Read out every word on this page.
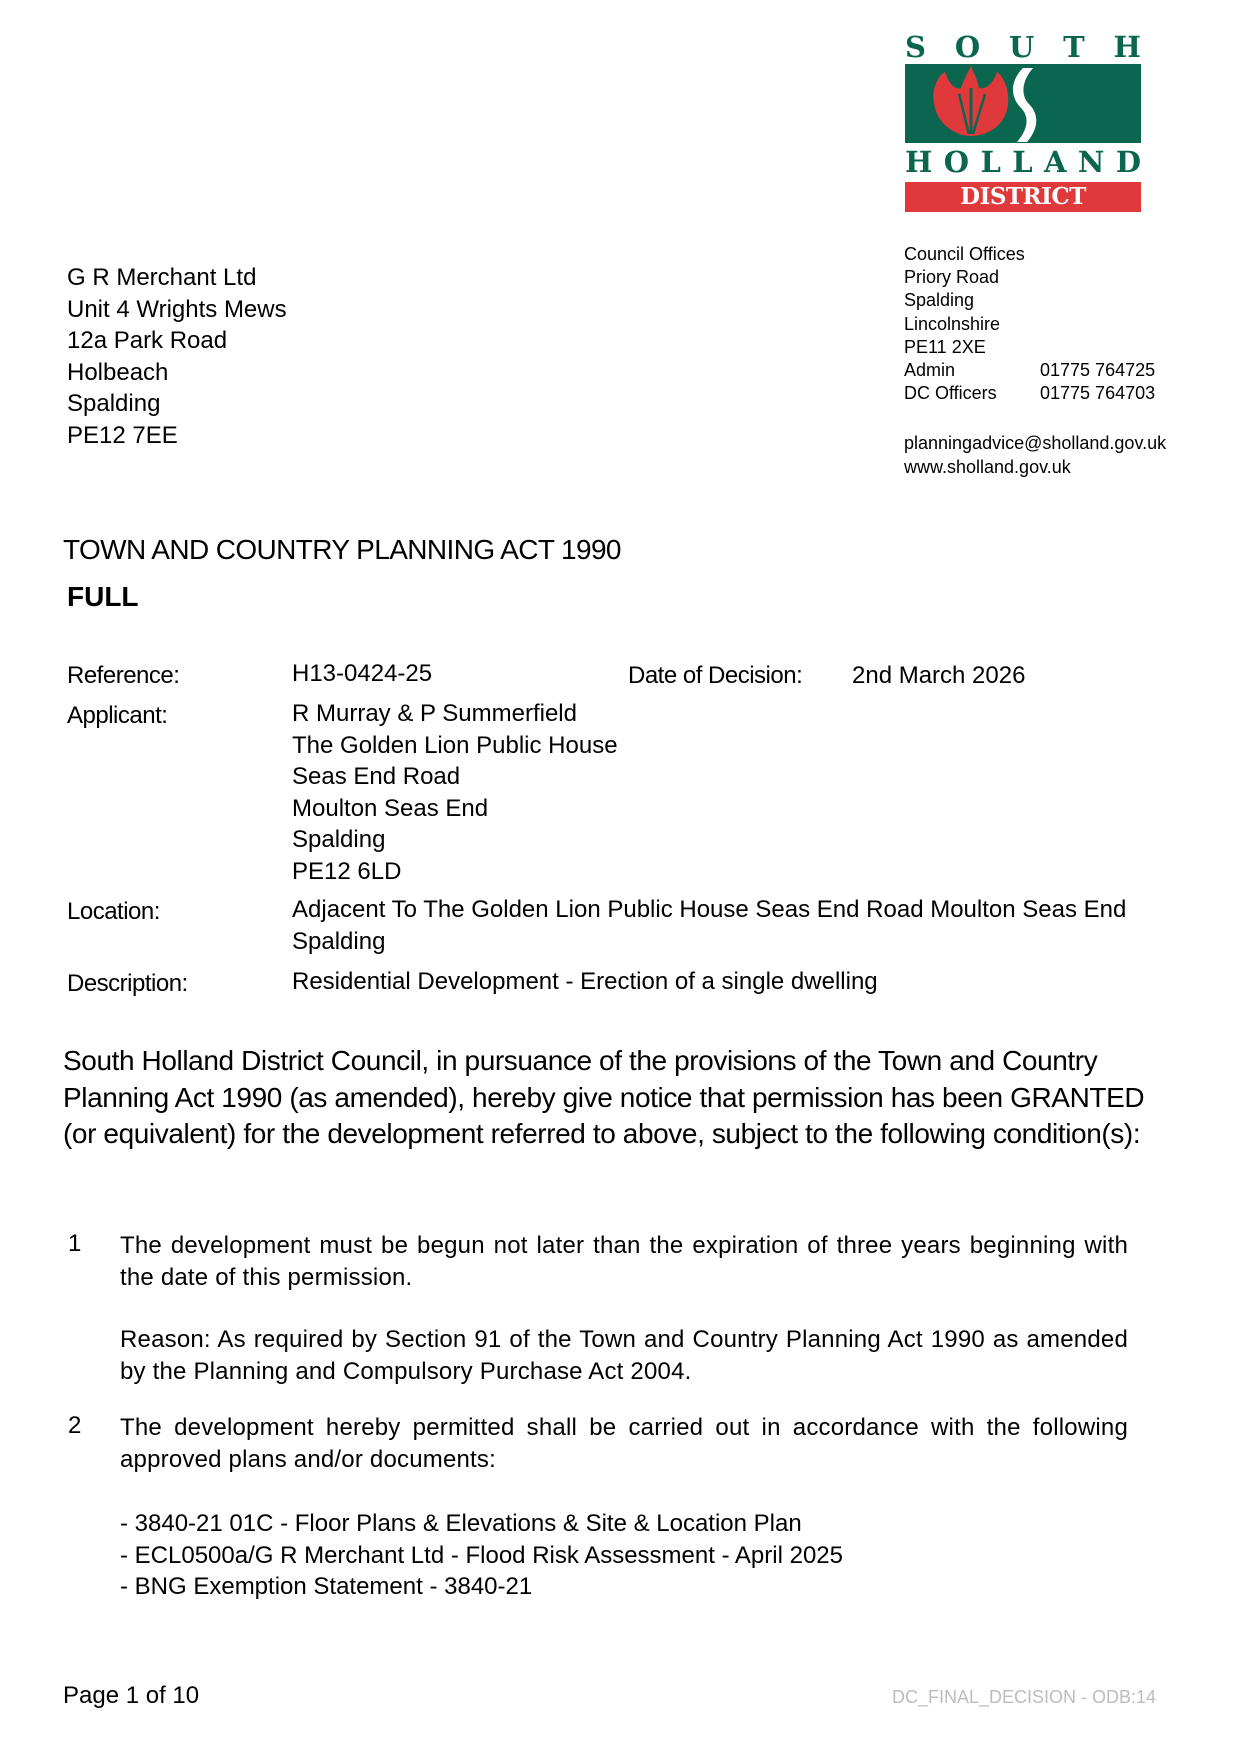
S O U T H
H O L L A N D
DISTRICT COUNCIL
Council Offices
Priory Road
Spalding
Lincolnshire
PE11 2XE
Admin	01775 764725
DC Officers	01775 764703
planningadvice@sholland.gov.uk
www.sholland.gov.uk
G R Merchant Ltd
Unit 4 Wrights Mews
12a Park Road
Holbeach
Spalding
PE12 7EE
TOWN AND COUNTRY PLANNING ACT 1990
FULL
Reference:	H13-0424-25	Date of Decision: 2nd March 2026
Applicant:	R Murray & P Summerfield
The Golden Lion Public House
Seas End Road
Moulton Seas End
Spalding
PE12 6LD
Location:	Adjacent To The Golden Lion Public House Seas End Road Moulton Seas End
Spalding
Description:	Residential Development - Erection of a single dwelling
South Holland District Council, in pursuance of the provisions of the Town and Country Planning Act 1990 (as amended), hereby give notice that permission has been GRANTED (or equivalent) for the development referred to above, subject to the following condition(s):
1 The development must be begun not later than the expiration of three years beginning with the date of this permission.
Reason: As required by Section 91 of the Town and Country Planning Act 1990 as amended by the Planning and Compulsory Purchase Act 2004.
2 The development hereby permitted shall be carried out in accordance with the following approved plans and/or documents:
- 3840-21 01C - Floor Plans & Elevations & Site & Location Plan
- ECL0500a/G R Merchant Ltd - Flood Risk Assessment - April 2025
- BNG Exemption Statement - 3840-21
Page 1 of 10	DC_FINAL_DECISION - ODB:14
